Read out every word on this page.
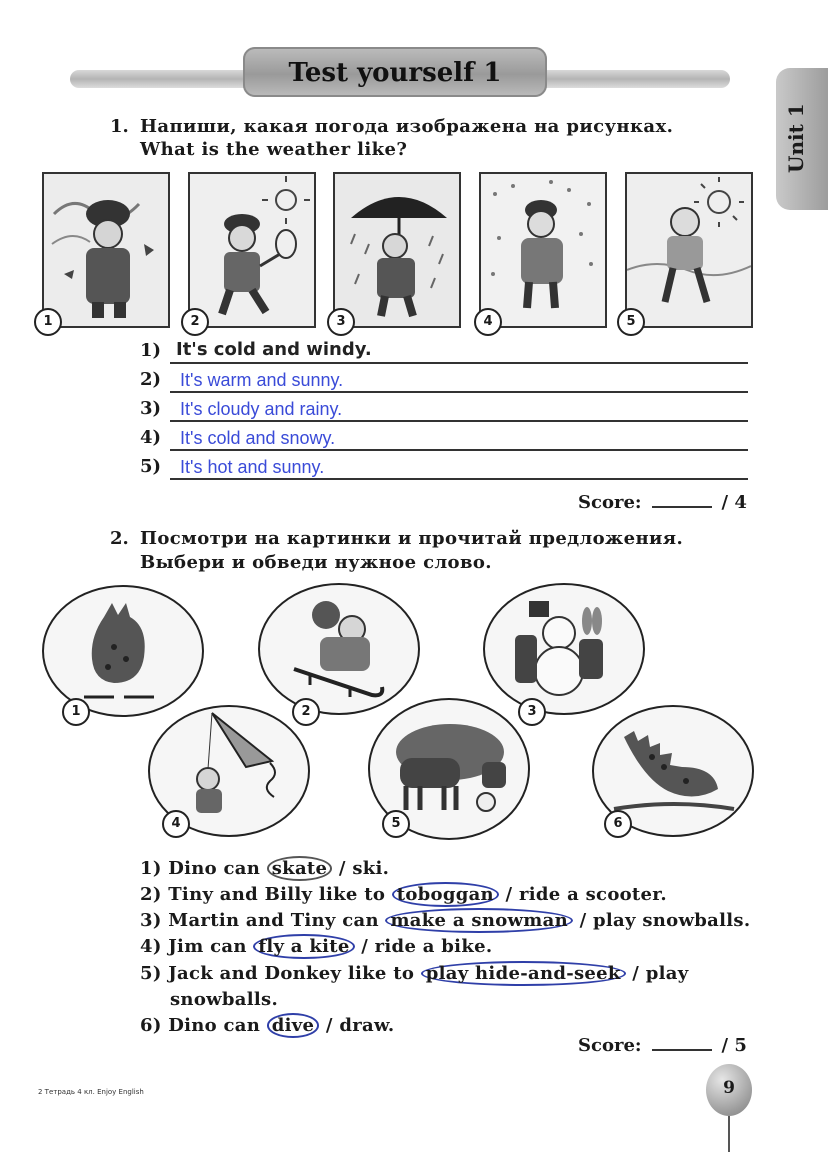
Test yourself 1
Unit 1
1. Напиши, какая погода изображена на рисунках.
What is the weather like?
1	2	3	4	5
1) It's cold and windy.
2) It's warm and sunny.
3) It's cloudy and rainy.
4) It's cold and snowy.
5) It's hot and sunny.
Score:	/ 4
2. Посмотри на картинки и прочитай предложения.
Выбери и обведи нужное слово.
1	2	3
4	5	6
1) Dino can skate / ski.
2) Tiny and Billy like to toboggan / ride a scooter.
3) Martin and Tiny can make a snowman / play snowballs.
4) Jim can fly a kite / ride a bike.
5) Jack and Donkey like to play hide-and-seek / play
snowballs.
6) Dino can dive / draw.
Score:	/ 5
2 Тетрадь 4 кл. Enjoy English	9
